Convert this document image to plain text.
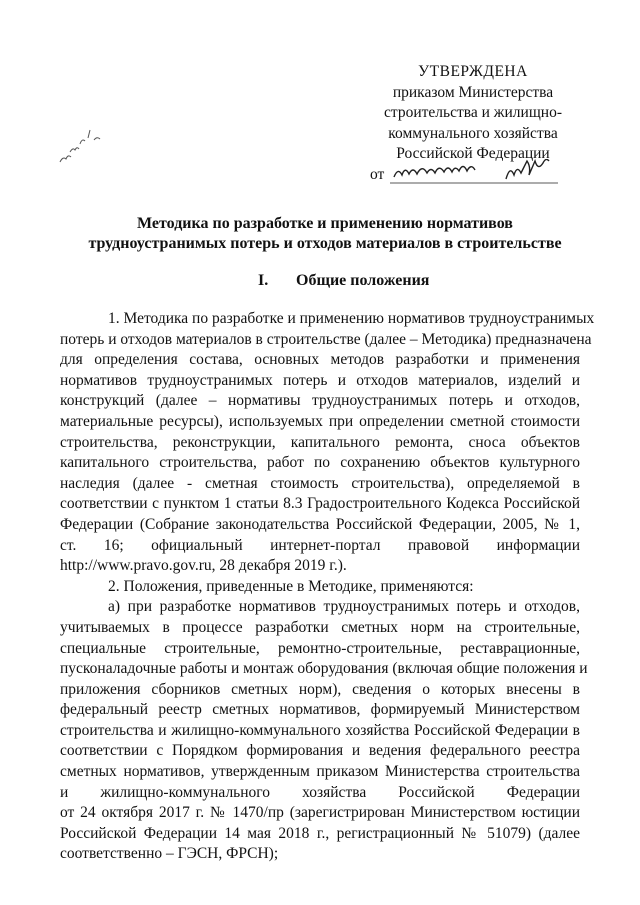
УТВЕРЖДЕНА
приказом Министерства
строительства и жилищно-
коммунального хозяйства
Российской Федерации
от
Методика по разработке и применению нормативов
трудноустранимых потерь и отходов материалов в строительстве
I. Общие положения
1. Методика по разработке и применению нормативов трудноустранимых
потерь и отходов материалов в строительстве (далее – Методика) предназначена
для определения состава, основных методов разработки и применения
нормативов трудноустранимых потерь и отходов материалов, изделий и
конструкций (далее – нормативы трудноустранимых потерь и отходов,
материальные ресурсы), используемых при определении сметной стоимости
строительства, реконструкции, капитального ремонта, сноса объектов
капитального строительства, работ по сохранению объектов культурного
наследия (далее - сметная стоимость строительства), определяемой в
соответствии с пунктом 1 статьи 8.3 Градостроительного Кодекса Российской
Федерации (Собрание законодательства Российской Федерации, 2005, № 1,
ст. 16; официальный интернет-портал правовой информации
http://www.pravo.gov.ru, 28 декабря 2019 г.).
2. Положения, приведенные в Методике, применяются:
а) при разработке нормативов трудноустранимых потерь и отходов,
учитываемых в процессе разработки сметных норм на строительные,
специальные строительные, ремонтно-строительные, реставрационные,
пусконаладочные работы и монтаж оборудования (включая общие положения и
приложения сборников сметных норм), сведения о которых внесены в
федеральный реестр сметных нормативов, формируемый Министерством
строительства и жилищно-коммунального хозяйства Российской Федерации в
соответствии с Порядком формирования и ведения федерального реестра
сметных нормативов, утвержденным приказом Министерства строительства
и жилищно-коммунального хозяйства Российской Федерации
от 24 октября 2017 г. № 1470/пр (зарегистрирован Министерством юстиции
Российской Федерации 14 мая 2018 г., регистрационный № 51079) (далее
соответственно – ГЭСН, ФРСН);
